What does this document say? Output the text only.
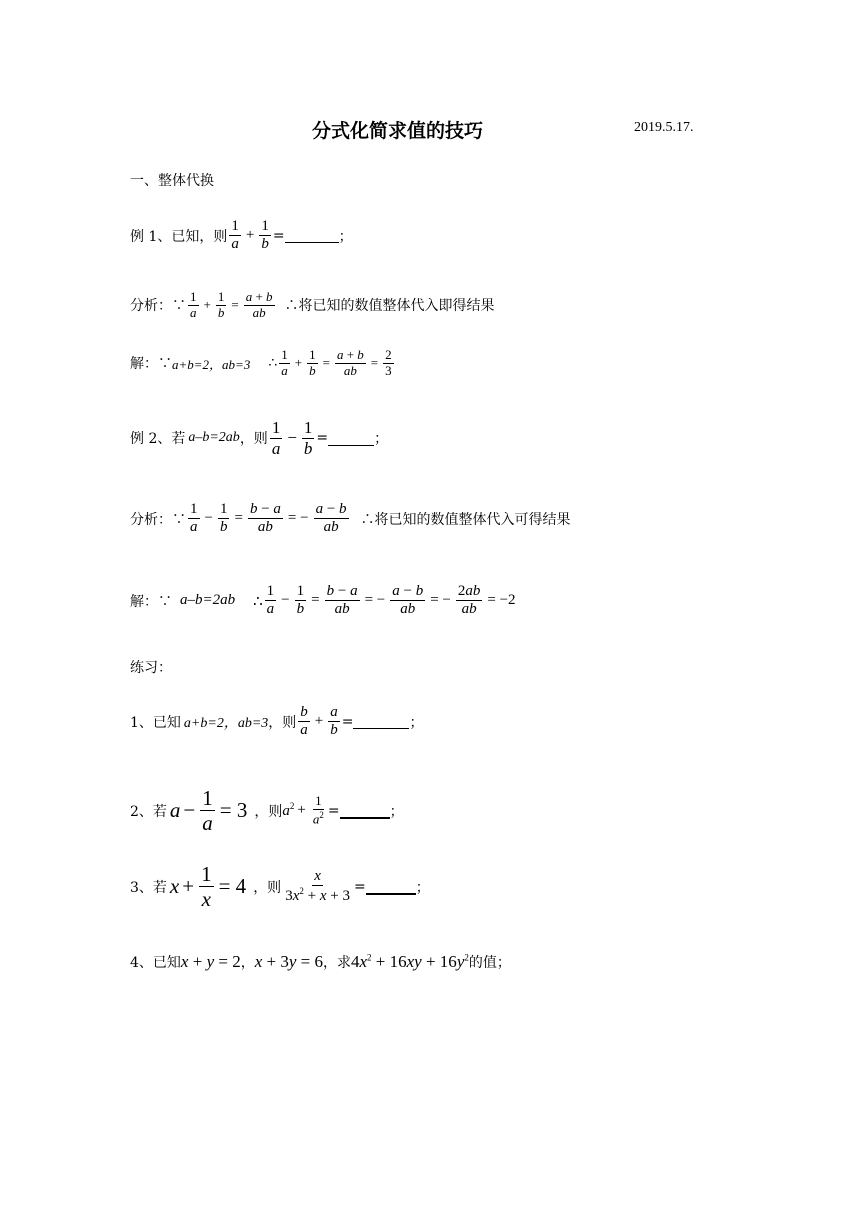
分式化简求值的技巧	2019.5.17.
一、整体代换
例 1、已知，则 $\frac{1}{a} + \frac{1}{b}$ =	；
分析：∵ $\frac{1}{a} + \frac{1}{b} = \frac{a + b}{ab}$ ∴将已知的数值整体代入即得结果
解：∵ a+b=2，ab=3 ∴ $\frac{1}{a} + \frac{1}{b} = \frac{a + b}{ab} = \frac{2}{3}$
例 2、若 a–b=2ab ，则 $\frac{1}{a} - \frac{1}{b}$ =	；
分析：∵ $\frac{1}{a} - \frac{1}{b} = \frac{b - a}{ab}$ = − $\frac{a - b}{ab}$ ∴将已知的数值整体代入可得结果
解：∵ a–b=2ab ∴ $\frac{1}{a} - \frac{1}{b} = \frac{b - a}{ab}$ = − $\frac{a - b}{ab}$ = − $\frac{2ab}{ab} = -2$
练习：
1、已知 a+b=2，ab=3 ，则 $\frac{b}{a} + \frac{a}{b}$ =	；
2、若 $a - \frac{1}{a} = 3$ ，则 $a^2 + \frac{1}{a^2}$ =	；
3、若 $x + \frac{1}{x} = 4$ ，则 $\frac{x}{3x^2 + x + 3}$ =	；
4、已知 x + y = 2 ， x + 3y = 6 ，求 $4x^2 + 16xy + 16y^2$ 的值；
